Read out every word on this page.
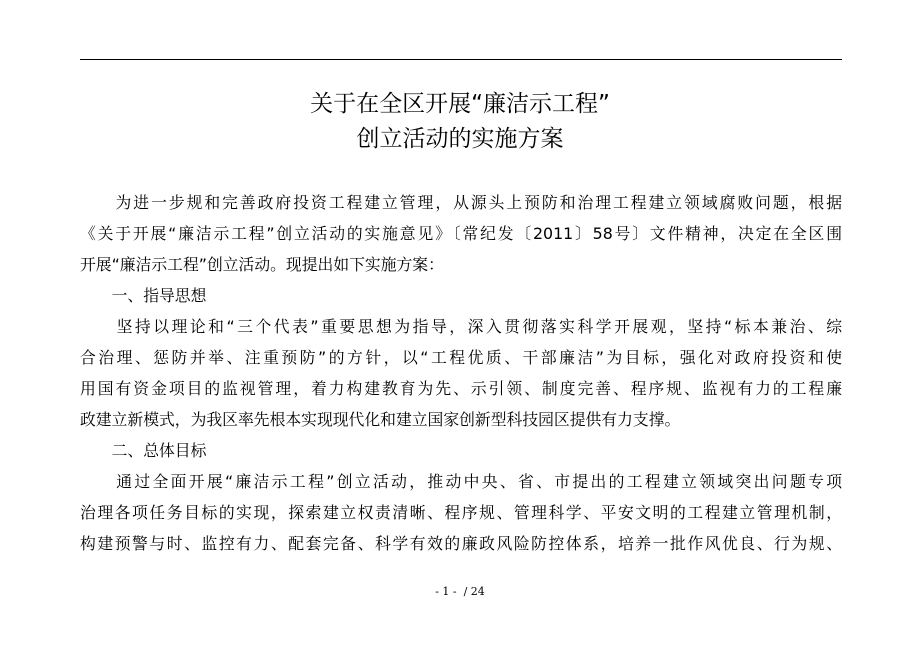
关于在全区开展“廉洁示工程”
创立活动的实施方案
　　为进一步规和完善政府投资工程建立管理，从源头上预防和治理工程建立领域腐败问题，根据
《关于开展“廉洁示工程”创立活动的实施意见》〔常纪发〔2011〕58号〕文件精神，决定在全区围
开展“廉洁示工程”创立活动。现提出如下实施方案：
　　一、指导思想
　　坚持以理论和“三个代表”重要思想为指导，深入贯彻落实科学开展观，坚持“标本兼治、综
合治理、惩防并举、注重预防”的方针，以“工程优质、干部廉洁”为目标，强化对政府投资和使
用国有资金项目的监视管理，着力构建教育为先、示引领、制度完善、程序规、监视有力的工程廉
政建立新模式，为我区率先根本实现现代化和建立国家创新型科技园区提供有力支撑。
　　二、总体目标
　　通过全面开展“廉洁示工程”创立活动，推动中央、省、市提出的工程建立领域突出问题专项
治理各项任务目标的实现，探索建立权责清晰、程序规、管理科学、平安文明的工程建立管理机制，
构建预警与时、监控有力、配套完备、科学有效的廉政风险防控体系，培养一批作风优良、行为规、
- 1 -  / 24
